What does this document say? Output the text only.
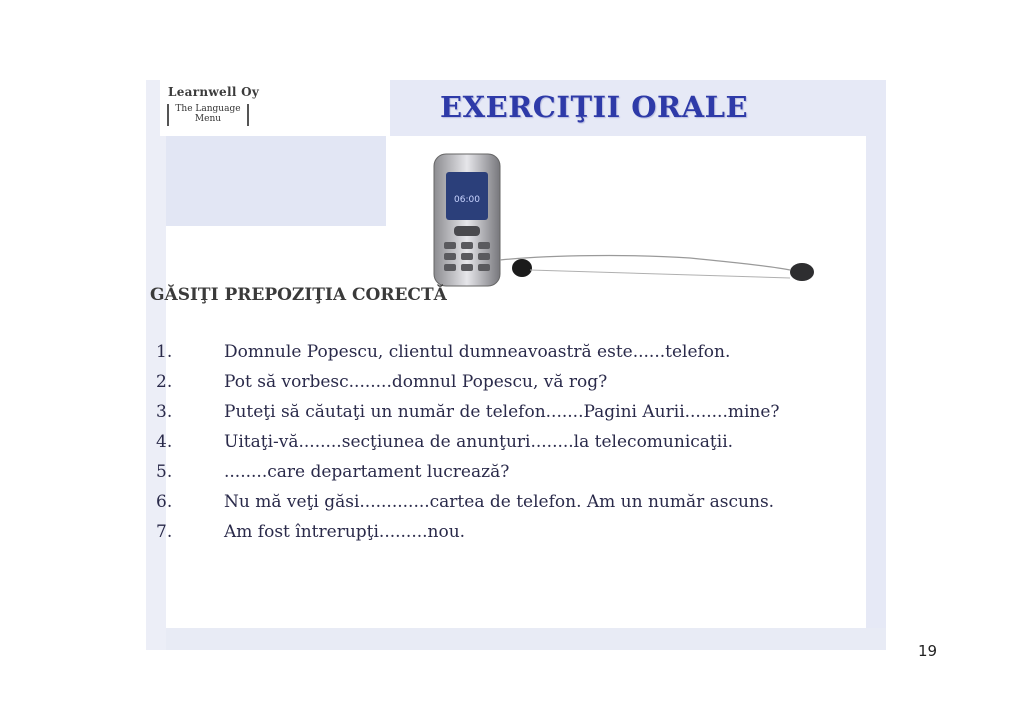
Learnwell Oy
The Language
Menu	EXERCIŢII ORALE
06:00
GĂSIŢI PREPOZIŢIA CORECTĂ
1.	Domnule Popescu, clientul dumneavoastră este......telefon.
2.	Pot să vorbesc........domnul Popescu, vă rog?
3.	Puteţi să căutaţi un număr de telefon.......Pagini Aurii........mine?
4.	Uitaţi-vă........secţiunea de anunţuri........la telecomunicaţii.
5.	........care departament lucrează?
6.	Nu mă veţi găsi.............cartea de telefon. Am un număr ascuns.
7.	Am fost întrerupţi.........nou.
19
